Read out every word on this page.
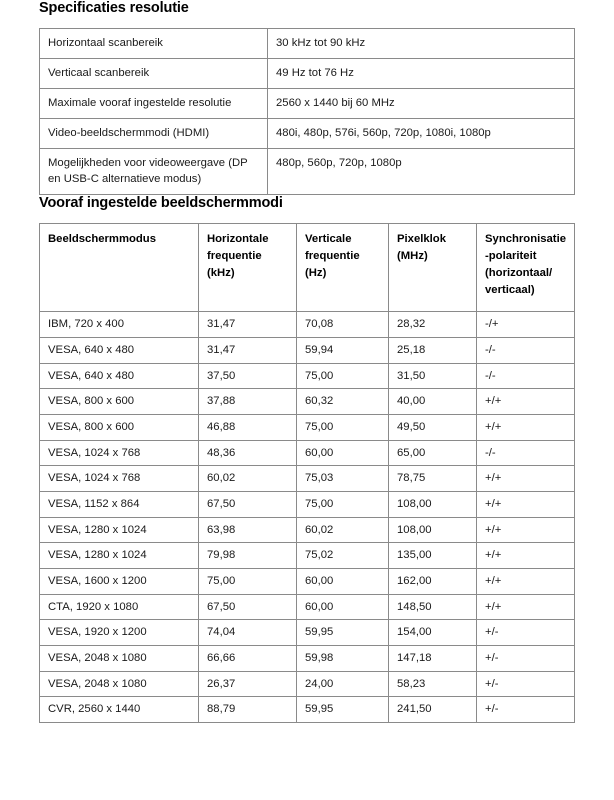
Specificaties resolutie
Horizontaal scanbereik	30 kHz tot 90 kHz
Verticaal scanbereik	49 Hz tot 76 Hz
Maximale vooraf ingestelde resolutie	2560 x 1440 bij 60 MHz
Video-beeldschermmodi (HDMI)	480i, 480p, 576i, 560p, 720p, 1080i, 1080p
Mogelijkheden voor videoweergave (DP en USB-C alternatieve modus)	480p, 560p, 720p, 1080p
Vooraf ingestelde beeldschermmodi
Beeldschermmodus	Horizontale frequentie (kHz)	Verticale frequentie (Hz)	Pixelklok (MHz)	Synchronisatie-polariteit (horizontaal/ verticaal)
IBM, 720 x 400	31,47	70,08	28,32	-/+
VESA, 640 x 480	31,47	59,94	25,18	-/-
VESA, 640 x 480	37,50	75,00	31,50	-/-
VESA, 800 x 600	37,88	60,32	40,00	+/+
VESA, 800 x 600	46,88	75,00	49,50	+/+
VESA, 1024 x 768	48,36	60,00	65,00	-/-
VESA, 1024 x 768	60,02	75,03	78,75	+/+
VESA, 1152 x 864	67,50	75,00	108,00	+/+
VESA, 1280 x 1024	63,98	60,02	108,00	+/+
VESA, 1280 x 1024	79,98	75,02	135,00	+/+
VESA, 1600 x 1200	75,00	60,00	162,00	+/+
CTA, 1920 x 1080	67,50	60,00	148,50	+/+
VESA, 1920 x 1200	74,04	59,95	154,00	+/-
VESA, 2048 x 1080	66,66	59,98	147,18	+/-
VESA, 2048 x 1080	26,37	24,00	58,23	+/-
CVR, 2560 x 1440	88,79	59,95	241,50	+/-
